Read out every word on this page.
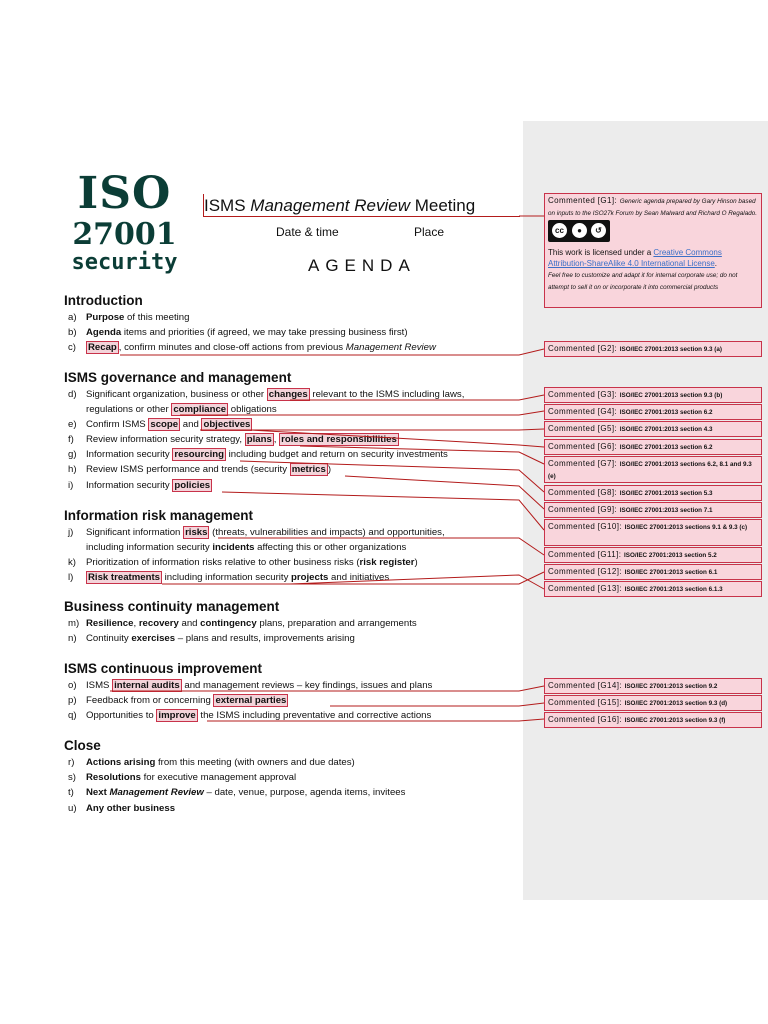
ISO
27001
security
ISMS Management Review Meeting
Date & time	Place
AGENDA
Introduction
a) Purpose of this meeting
b) Agenda items and priorities (if agreed, we may take pressing business first)
c) Recap , confirm minutes and close-off actions from previous Management Review
ISMS governance and management
d) Significant organization, business or other changes relevant to the ISMS including laws,
regulations or other compliance obligations
e) Confirm ISMS scope and objectives
f) Review information security strategy, plans , roles and responsibilities
g) Information security resourcing including budget and return on security investments
h) Review ISMS performance and trends (security metrics )
i) Information security policies
Information risk management
j) Significant information risks (threats, vulnerabilities and impacts) and opportunities,
including information security incidents affecting this or other organizations
k) Prioritization of information risks relative to other business risks (risk register)
l) Risk treatments including information security projects and initiatives
Business continuity management
m) Resilience, recovery and contingency plans, preparation and arrangements
n) Continuity exercises – plans and results, improvements arising
ISMS continuous improvement
o) ISMS internal audits and management reviews – key findings, issues and plans
p) Feedback from or concerning external parties
q) Opportunities to improve the ISMS including preventative and corrective actions
Close
r) Actions arising from this meeting (with owners and due dates)
s) Resolutions for executive management approval
t) Next Management Review – date, venue, purpose, agenda items, invitees
u) Any other business
Commented [G1]: Generic agenda prepared by Gary Hinson based on inputs to the ISO27k Forum by Sean Malward and Richard O Regalado.

cc	●	↺

This work is licensed under a Creative Commons Attribution-ShareAlike 4.0 International License.
Feel free to customize and adapt it for internal corporate use; do not attempt to sell it on or incorporate it into commercial products
Commented [G2]: ISO/IEC 27001:2013 section 9.3 (a)
Commented [G3]: ISO/IEC 27001:2013 section 9.3 (b)
Commented [G4]: ISO/IEC 27001:2013 section 6.2
Commented [G5]: ISO/IEC 27001:2013 section 4.3
Commented [G6]: ISO/IEC 27001:2013 section 6.2
Commented [G7]: ISO/IEC 27001:2013 sections 6.2, 8.1 and 9.3 (e)
Commented [G8]: ISO/IEC 27001:2013 section 5.3
Commented [G9]: ISO/IEC 27001:2013 section 7.1
Commented [G10]: ISO/IEC 27001:2013 sections 9.1 & 9.3 (c)
Commented [G11]: ISO/IEC 27001:2013 section 5.2
Commented [G12]: ISO/IEC 27001:2013 section 6.1
Commented [G13]: ISO/IEC 27001:2013 section 6.1.3
Commented [G14]: ISO/IEC 27001:2013 section 9.2
Commented [G15]: ISO/IEC 27001:2013 section 9.3 (d)
Commented [G16]: ISO/IEC 27001:2013 section 9.3 (f)
